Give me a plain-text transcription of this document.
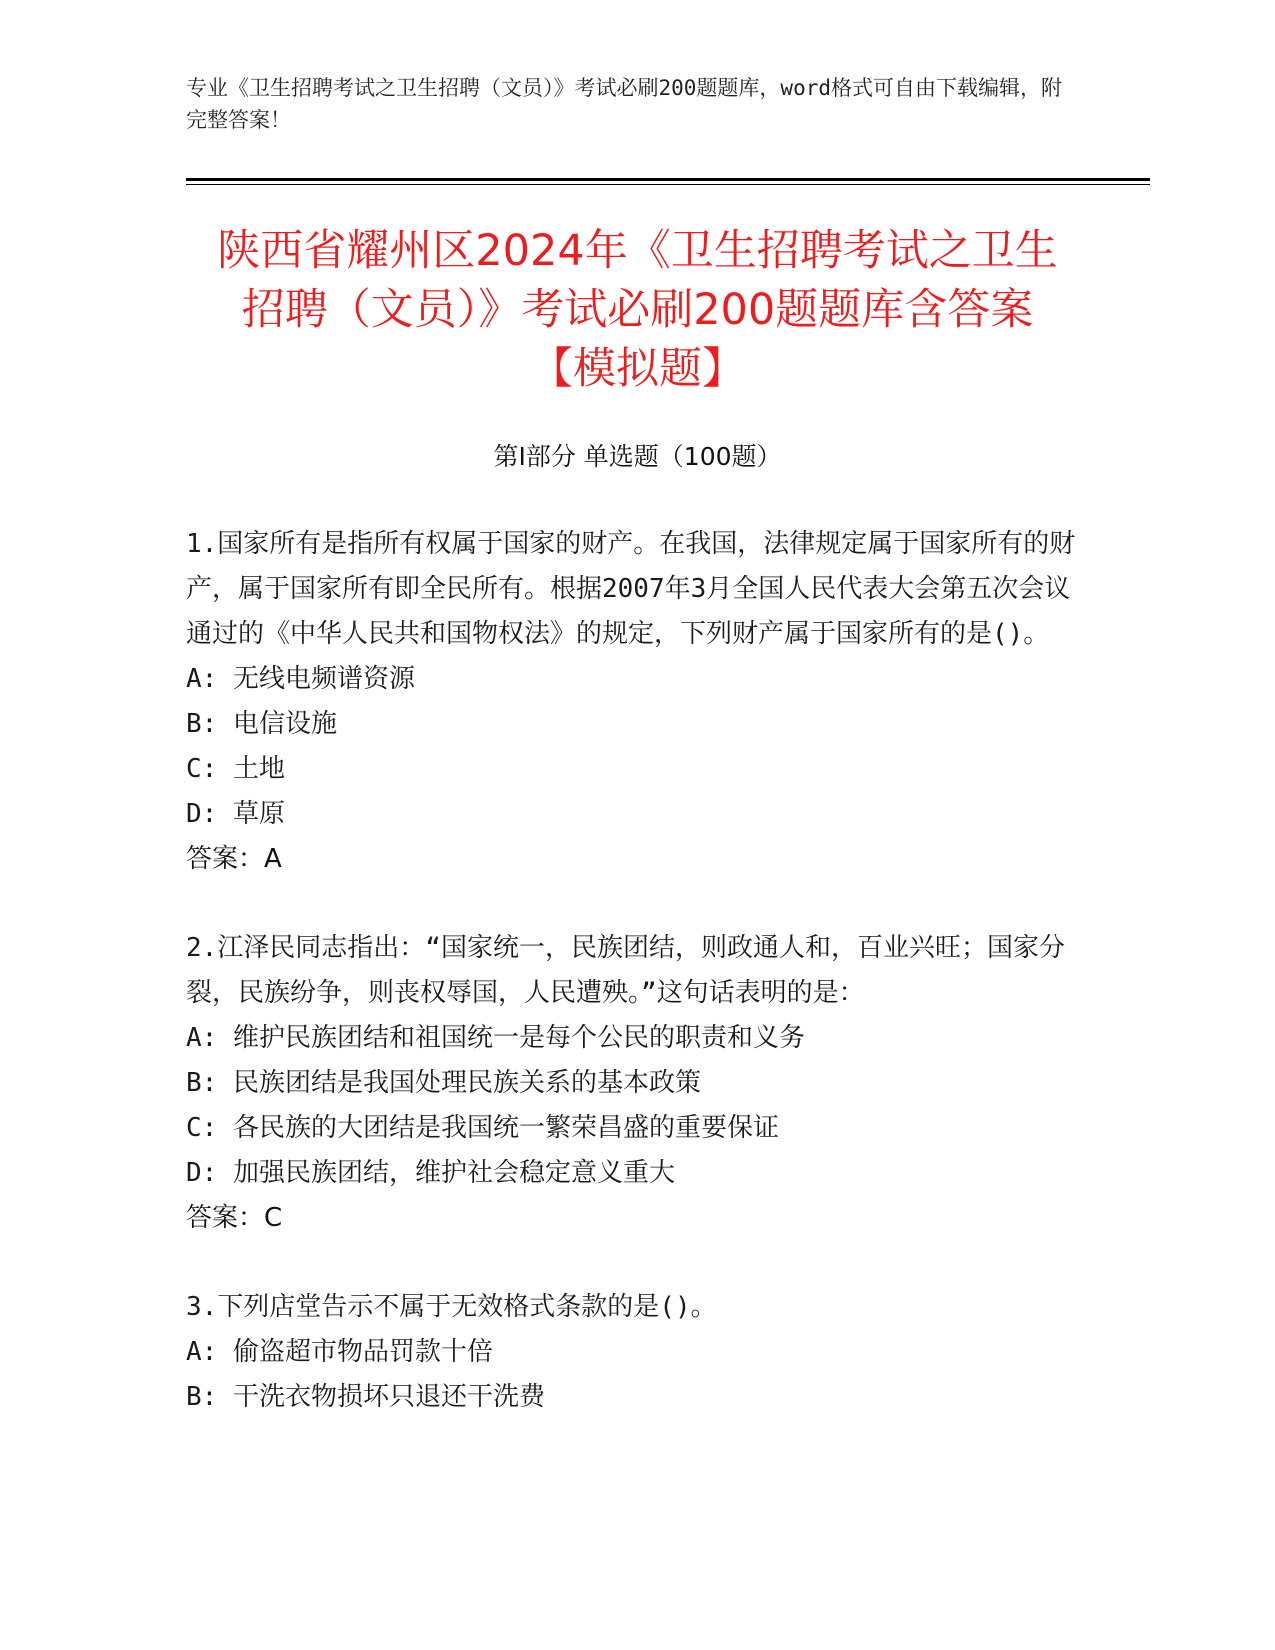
专业《卫生招聘考试之卫生招聘（文员）》考试必刷200题题库，word格式可自由下载编辑，附完整答案！
陕西省耀州区2024年《卫生招聘考试之卫生
招聘（文员）》考试必刷200题题库含答案
【模拟题】
第Ⅰ部分 单选题（100题）

1.国家所有是指所有权属于国家的财产。在我国，法律规定属于国家所有的财产，属于国家所有即全民所有。根据2007年3月全国人民代表大会第五次会议通过的《中华人民共和国物权法》的规定，下列财产属于国家所有的是()。

A: 无线电频谱资源

B: 电信设施

C: 土地

D: 草原

答案：A

2.江泽民同志指出：“国家统一，民族团结，则政通人和，百业兴旺；国家分裂，民族纷争，则丧权辱国，人民遭殃。”这句话表明的是：

A: 维护民族团结和祖国统一是每个公民的职责和义务

B: 民族团结是我国处理民族关系的基本政策

C: 各民族的大团结是我国统一繁荣昌盛的重要保证

D: 加强民族团结，维护社会稳定意义重大

答案：C

3.下列店堂告示不属于无效格式条款的是()。

A: 偷盗超市物品罚款十倍

B: 干洗衣物损坏只退还干洗费
